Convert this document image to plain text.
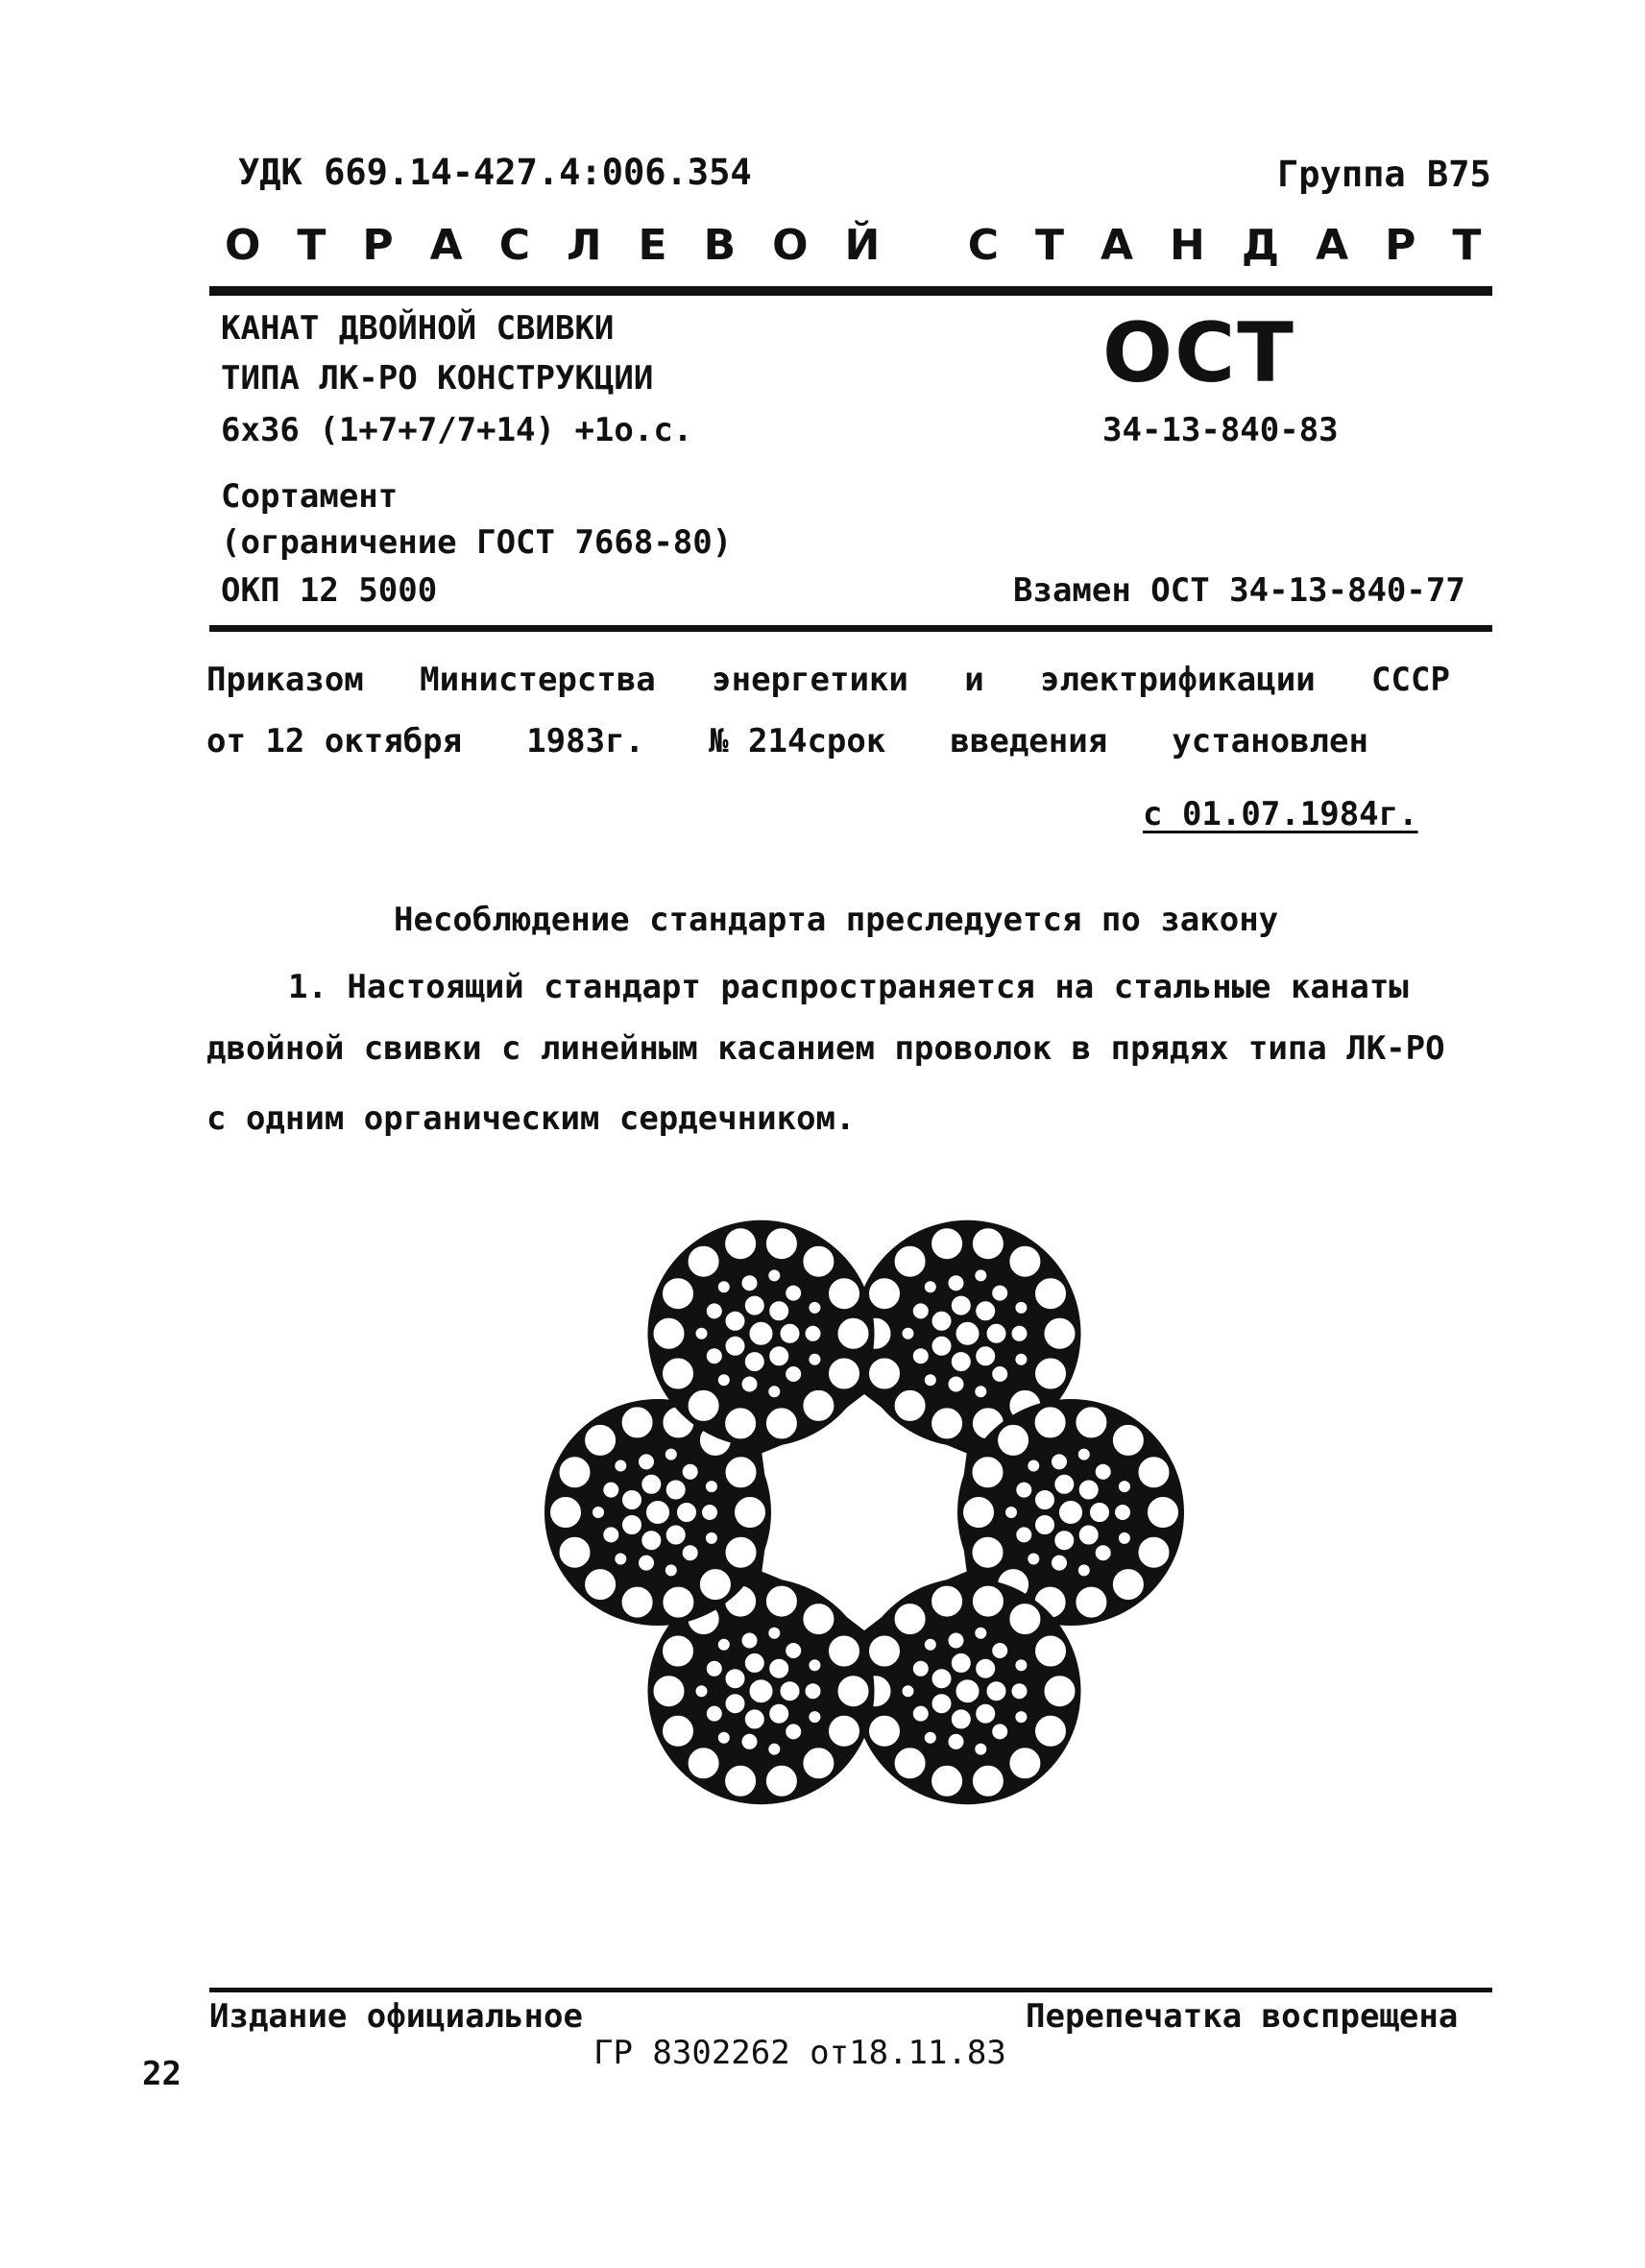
УДК 669.14-427.4:006.354	Группа В75
ОТРАСЛЕВОЙ СТАНДАРТ
КАНАТ ДВОЙНОЙ СВИВКИ
ТИПА ЛК-РО КОНСТРУКЦИИ
6х36 (1+7+7/7+14) +1о.с.
Сортамент
(ограничение ГОСТ 7668-80)
ОКП 12 5000
ОСТ
34-13-840-83
Взамен ОСТ 34-13-840-77
Приказом Министерства энергетики и электрификации СССР
от 12 октября 1983г. № 214срок введения установлен
с 01.07.1984г.
Несоблюдение стандарта преследуется по закону
1. Настоящий стандарт распространяется на стальные канаты
двойной свивки с линейным касанием проволок в прядях типа ЛК-РО
с одним органическим сердечником.
Издание официальное	Перепечатка воспрещена
ГР 8302262 от18.11.83
22
